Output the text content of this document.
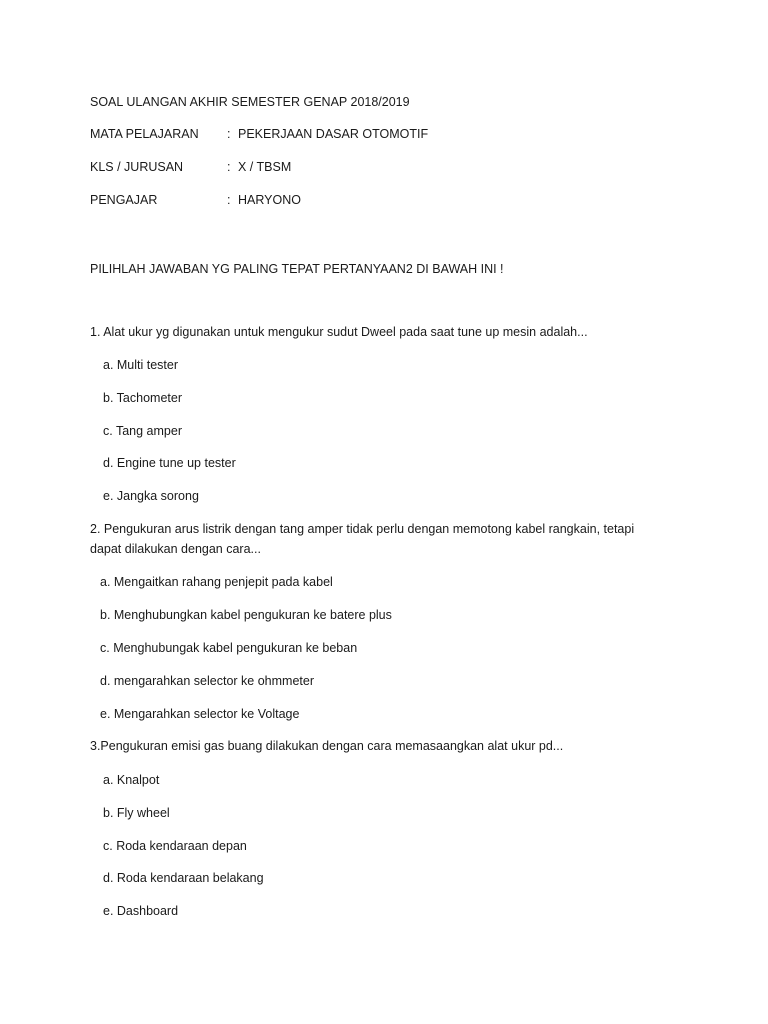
SOAL ULANGAN AKHIR SEMESTER GENAP 2018/2019
MATA PELAJARAN : PEKERJAAN DASAR OTOMOTIF
KLS / JURUSAN	: X / TBSM
PENGAJAR	: HARYONO
PILIHLAH JAWABAN YG PALING TEPAT PERTANYAAN2 DI BAWAH INI !
1. Alat ukur yg digunakan untuk mengukur sudut Dweel pada saat tune up mesin adalah...
a. Multi tester
b. Tachometer
c. Tang amper
d. Engine tune up tester
e. Jangka sorong
2. Pengukuran arus listrik dengan tang amper tidak perlu dengan memotong kabel rangkain, tetapi
dapat dilakukan dengan cara...
a. Mengaitkan rahang penjepit pada kabel
b. Menghubungkan kabel pengukuran ke batere plus
c. Menghubungak kabel pengukuran ke beban
d. mengarahkan selector ke ohmmeter
e. Mengarahkan selector ke Voltage
3.Pengukuran emisi gas buang dilakukan dengan cara memasaangkan alat ukur pd...
a. Knalpot
b. Fly wheel
c. Roda kendaraan depan
d. Roda kendaraan belakang
e. Dashboard
